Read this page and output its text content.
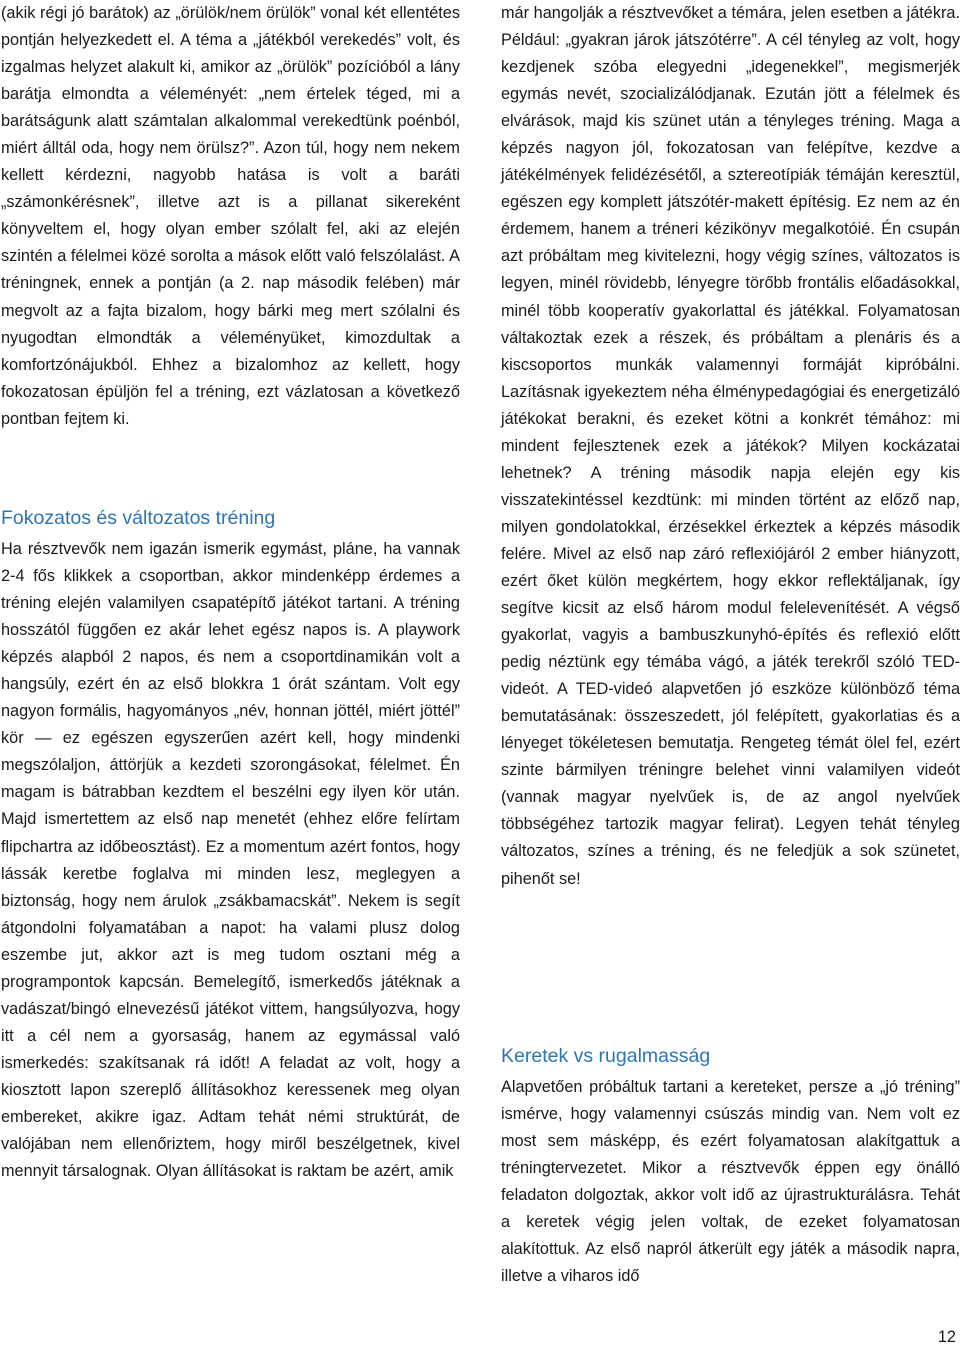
(akik régi jó barátok) az „örülök/nem örülök” vonal két ellentétes pontján helyezkedett el. A téma a „játékból verekedés” volt, és izgalmas helyzet alakult ki, amikor az „örülök” pozícióból a lány barátja elmondta a véleményét: „nem értelek téged, mi a barátságunk alatt számtalan alkalommal verekedtünk poénból, miért álltál oda, hogy nem örülsz?”. Azon túl, hogy nem nekem kellett kérdezni, nagyobb hatása is volt a baráti „számonkérésnek”, illetve azt is a pillanat sikereként könyveltem el, hogy olyan ember szólalt fel, aki az elején szintén a félelmei közé sorolta a mások előtt való felszólalást. A tréningnek, ennek a pontján (a 2. nap második felében) már megvolt az a fajta bizalom, hogy bárki meg mert szólalni és nyugodtan elmondták a véleményüket, kimozdultak a komfortzónájukból. Ehhez a bizalomhoz az kellett, hogy fokozatosan épüljön fel a tréning, ezt vázlatosan a következő pontban fejtem ki.

Fokozatos és változatos tréning

Ha résztvevők nem igazán ismerik egymást, pláne, ha vannak 2-4 fős klikkek a csoportban, akkor mindenképp érdemes a tréning elején valamilyen csapatépítő játékot tartani. A tréning hosszától függően ez akár lehet egész napos is. A playwork képzés alapból 2 napos, és nem a csoportdinamikán volt a hangsúly, ezért én az első blokkra 1 órát szántam. Volt egy nagyon formális, hagyományos „név, honnan jöttél, miért jöttél” kör — ez egészen egyszerűen azért kell, hogy mindenki megszólaljon, áttörjük a kezdeti szorongásokat, félelmet. Én magam is bátrabban kezdtem el beszélni egy ilyen kör után. Majd ismertettem az első nap menetét (ehhez előre felírtam flipchartra az időbeosztást). Ez a momentum azért fontos, hogy lássák keretbe foglalva mi minden lesz, meglegyen a biztonság, hogy nem árulok „zsákbamacskát”. Nekem is segít átgondolni folyamatában a napot: ha valami plusz dolog eszembe jut, akkor azt is meg tudom osztani még a programpontok kapcsán. Bemelegítő, ismerkedős játéknak a vadászat/bingó elnevezésű játékot vittem, hangsúlyozva, hogy itt a cél nem a gyorsaság, hanem az egymással való ismerkedés: szakítsanak rá időt! A feladat az volt, hogy a kiosztott lapon szereplő állításokhoz keressenek meg olyan embereket, akikre igaz. Adtam tehát némi struktúrát, de valójában nem ellenőriztem, hogy miről beszélgetnek, kivel mennyit társalognak. Olyan állításokat is raktam be azért, amik

már hangolják a résztvevőket a témára, jelen esetben a játékra. Például: „gyakran járok játszótérre”. A cél tényleg az volt, hogy kezdjenek szóba elegyedni „idegenekkel”, megismerjék egymás nevét, szocializálódjanak. Ezután jött a félelmek és elvárások, majd kis szünet után a tényleges tréning. Maga a képzés nagyon jól, fokozatosan van felépítve, kezdve a játékélmények felidézésétől, a sztereotípiák témáján keresztül, egészen egy komplett játszótér-makett építésig. Ez nem az én érdemem, hanem a tréneri kézikönyv megalkotóié. Én csupán azt próbáltam meg kivitelezni, hogy végig színes, változatos is legyen, minél rövidebb, lényegre törőbb frontális előadásokkal, minél több kooperatív gyakorlattal és játékkal. Folyamatosan váltakoztak ezek a részek, és próbáltam a plenáris és a kiscsoportos munkák valamennyi formáját kipróbálni. Lazításnak igyekeztem néha élménypedagógiai és energetizáló játékokat berakni, és ezeket kötni a konkrét témához: mi mindent fejlesztenek ezek a játékok? Milyen kockázatai lehetnek? A tréning második napja elején egy kis visszatekintéssel kezdtünk: mi minden történt az előző nap, milyen gondolatokkal, érzésekkel érkeztek a képzés második felére. Mivel az első nap záró reflexiójáról 2 ember hiányzott, ezért őket külön megkértem, hogy ekkor reflektáljanak, így segítve kicsit az első három modul felelevenítését. A végső gyakorlat, vagyis a bambuszkunyhó-építés és reflexió előtt pedig néztünk egy témába vágó, a játék terekről szóló TED-videót. A TED-videó alapvetően jó eszköze különböző téma bemutatásának: összeszedett, jól felépített, gyakorlatias és a lényeget tökéletesen bemutatja. Rengeteg témát ölel fel, ezért szinte bármilyen tréningre belehet vinni valamilyen videót (vannak magyar nyelvűek is, de az angol nyelvűek többségéhez tartozik magyar felirat). Legyen tehát tényleg változatos, színes a tréning, és ne feledjük a sok szünetet, pihenőt se!

Keretek vs rugalmasság

Alapvetően próbáltuk tartani a kereteket, persze a „jó tréning” ismérve, hogy valamennyi csúszás mindig van. Nem volt ez most sem másképp, és ezért folyamatosan alakítgattuk a tréningtervezetet. Mikor a résztvevők éppen egy önálló feladaton dolgoztak, akkor volt idő az újrastrukturálásra. Tehát a keretek végig jelen voltak, de ezeket folyamatosan alakítottuk. Az első napról átkerült egy játék a második napra, illetve a viharos idő

12
